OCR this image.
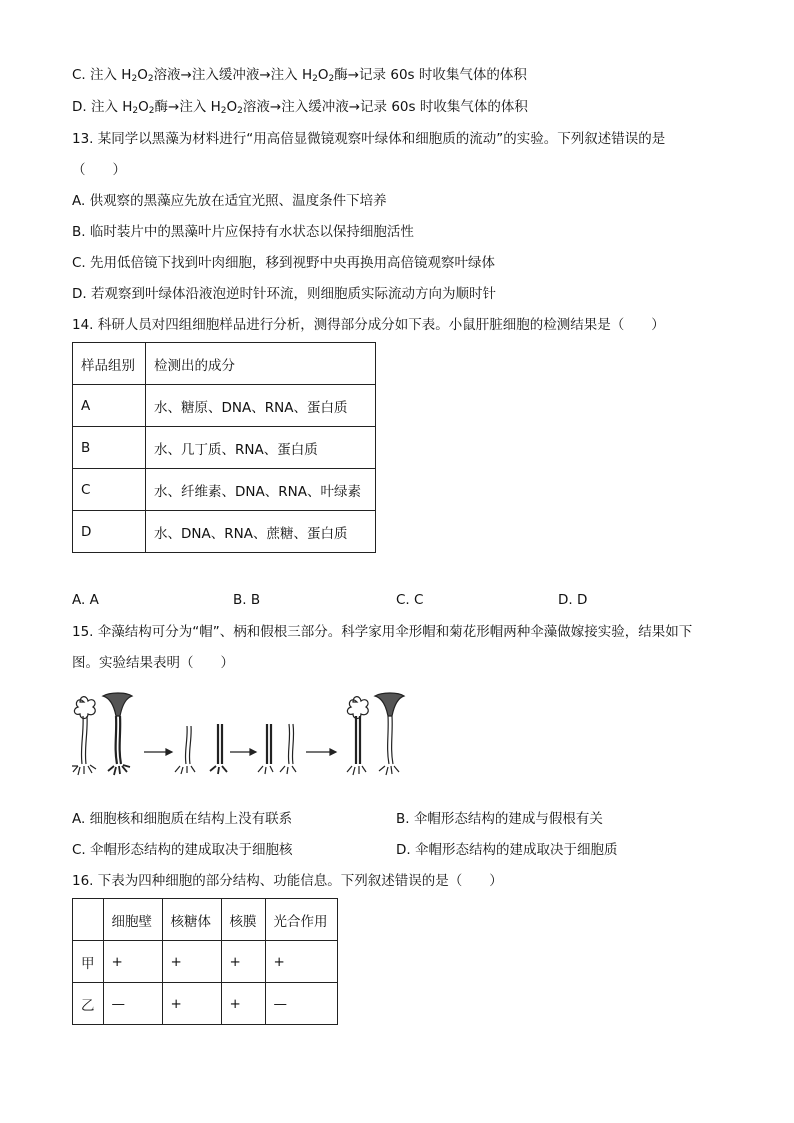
C. 注入 $H_2O_2$溶液→注入缓冲液→注入 $H_2O_2$酶→记录 60s 时收集气体的体积
D. 注入 $H_2O_2$酶→注入 $H_2O_2$溶液→注入缓冲液→记录 60s 时收集气体的体积
13. 某同学以黑藻为材料进行“用高倍显微镜观察叶绿体和细胞质的流动”的实验。下列叙述错误的是
（　　）
A. 供观察的黑藻应先放在适宜光照、温度条件下培养
B. 临时装片中的黑藻叶片应保持有水状态以保持细胞活性
C. 先用低倍镜下找到叶肉细胞，移到视野中央再换用高倍镜观察叶绿体
D. 若观察到叶绿体沿液泡逆时针环流，则细胞质实际流动方向为顺时针
14. 科研人员对四组细胞样品进行分析，测得部分成分如下表。小鼠肝脏细胞的检测结果是（　　）
样品组别	检测出的成分
A	水、糖原、DNA、RNA、蛋白质
B	水、几丁质、RNA、蛋白质
C	水、纤维素、DNA、RNA、叶绿素
D	水、DNA、RNA、蔗糖、蛋白质
A. A	B. B	C. C	D. D
15. 伞藻结构可分为“帽”、柄和假根三部分。科学家用伞形帽和菊花形帽两种伞藻做嫁接实验，结果如下
图。实验结果表明（　　）
A. 细胞核和细胞质在结构上没有联系	B. 伞帽形态结构的建成与假根有关
C. 伞帽形态结构的建成取决于细胞核	D. 伞帽形态结构的建成取决于细胞质
16. 下表为四种细胞的部分结构、功能信息。下列叙述错误的是（　　）
	细胞壁	核糖体	核膜	光合作用
甲	+	+	+	+
乙	—	+	+	—
